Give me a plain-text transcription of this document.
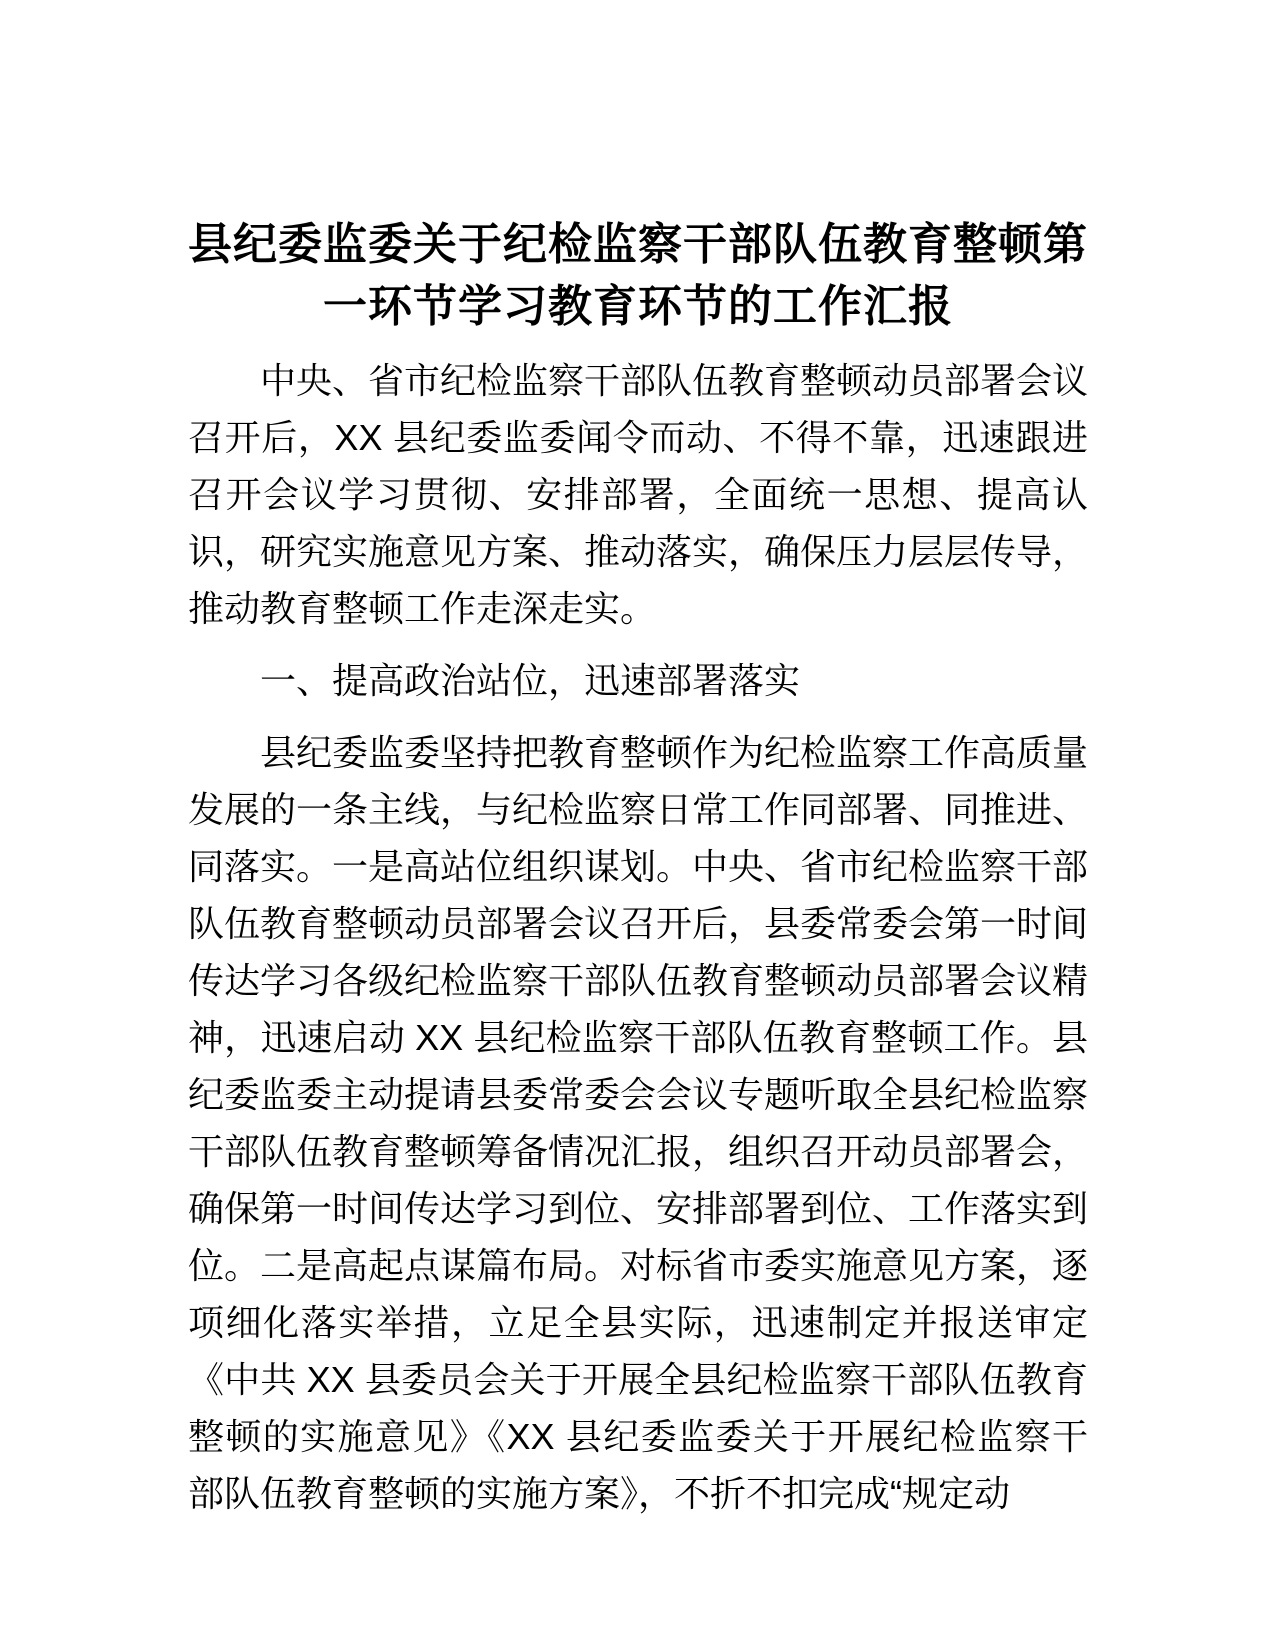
县纪委监委关于纪检监察干部队伍教育整顿第
一环节学习教育环节的工作汇报

中央、省市纪检监察干部队伍教育整顿动员部署会议召开后，XX 县纪委监委闻令而动、不得不靠，迅速跟进召开会议学习贯彻、安排部署，全面统一思想、提高认识，研究实施意见方案、推动落实，确保压力层层传导，推动教育整顿工作走深走实。

一、提高政治站位，迅速部署落实

县纪委监委坚持把教育整顿作为纪检监察工作高质量发展的一条主线，与纪检监察日常工作同部署、同推进、同落实。一是高站位组织谋划。中央、省市纪检监察干部队伍教育整顿动员部署会议召开后，县委常委会第一时间传达学习各级纪检监察干部队伍教育整顿动员部署会议精神，迅速启动 XX 县纪检监察干部队伍教育整顿工作。县纪委监委主动提请县委常委会会议专题听取全县纪检监察干部队伍教育整顿筹备情况汇报，组织召开动员部署会，确保第一时间传达学习到位、安排部署到位、工作落实到位。二是高起点谋篇布局。对标省市委实施意见方案，逐项细化落实举措，立足全县实际，迅速制定并报送审定《中共 XX 县委员会关于开展全县纪检监察干部队伍教育整顿的实施意见》《XX 县纪委监委关于开展纪检监察干部队伍教育整顿的实施方案》，不折不扣完成“规定动
